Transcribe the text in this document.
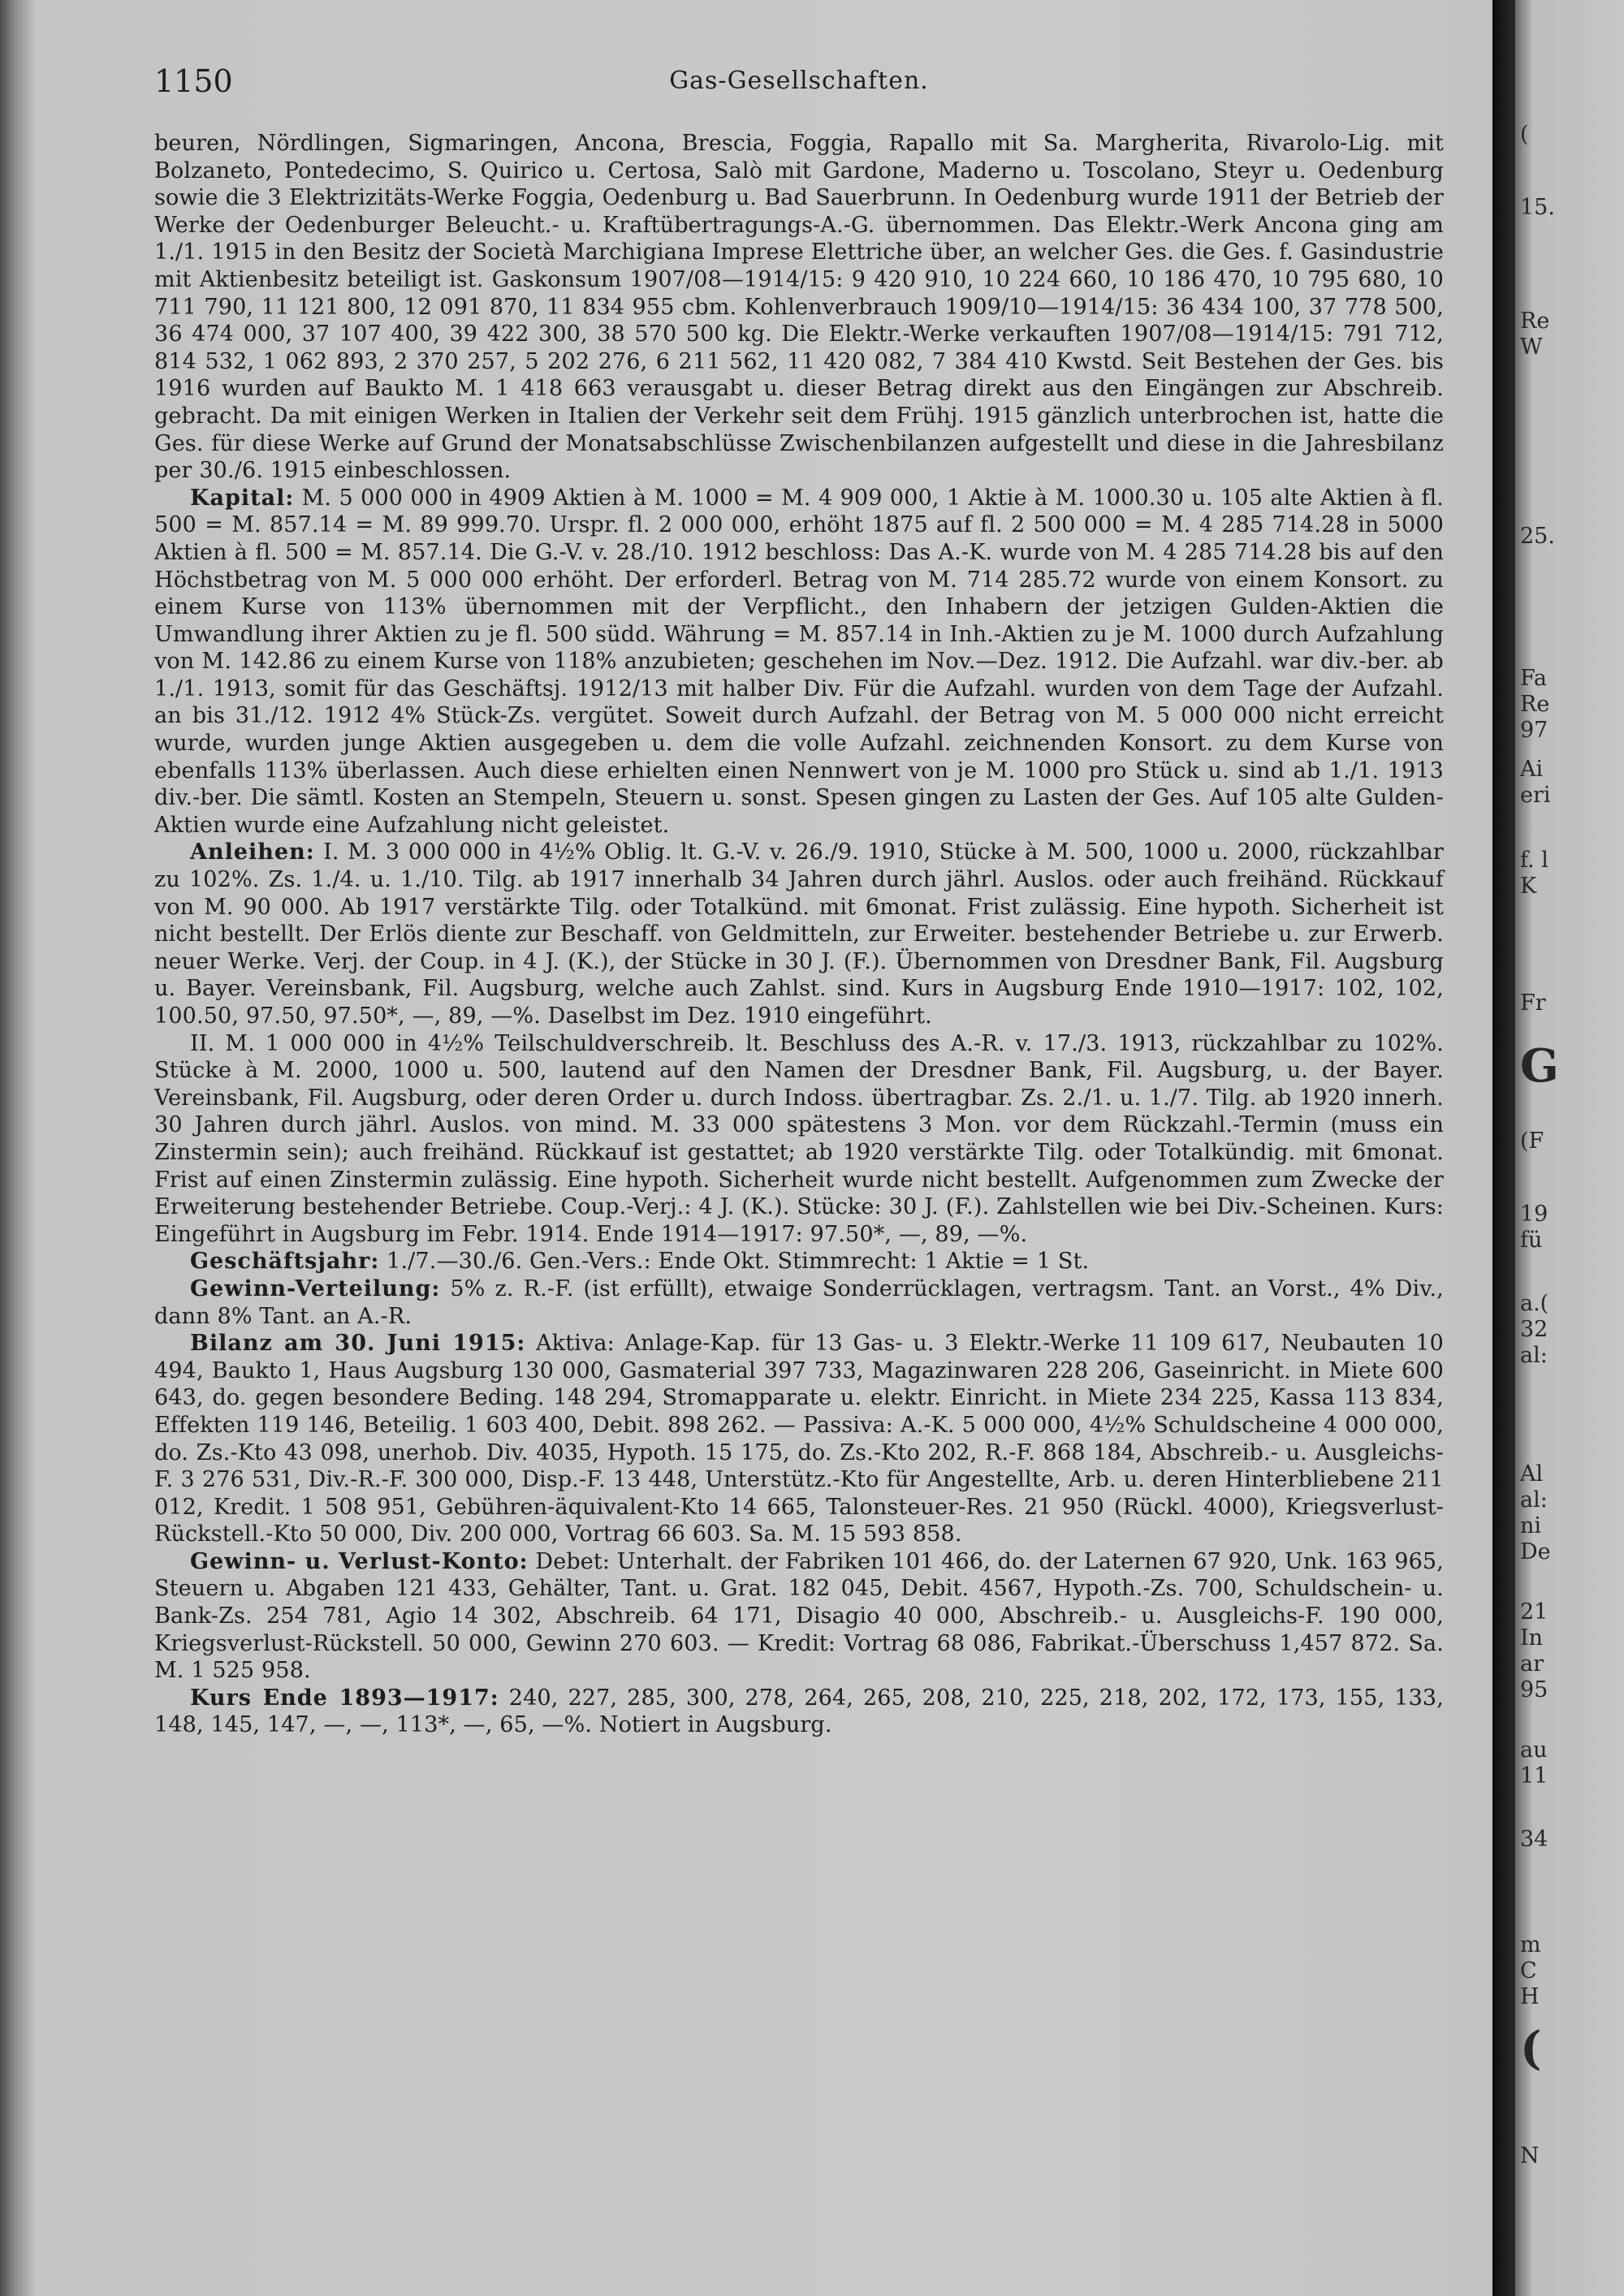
1150	Gas-Gesellschaften.

beuren, Nördlingen, Sigmaringen, Ancona, Brescia, Foggia, Rapallo mit Sa. Margherita, Rivarolo-Lig. mit Bolzaneto, Pontedecimo, S. Quirico u. Certosa, Salò mit Gardone, Maderno u. Toscolano, Steyr u. Oedenburg sowie die 3 Elektrizitäts-Werke Foggia, Oedenburg u. Bad Sauerbrunn. In Oedenburg wurde 1911 der Betrieb der Werke der Oedenburger Beleucht.- u. Kraftübertragungs-A.-G. übernommen. Das Elektr.-Werk Ancona ging am 1./1. 1915 in den Besitz der Società Marchigiana Imprese Elettriche über, an welcher Ges. die Ges. f. Gasindustrie mit Aktienbesitz beteiligt ist. Gaskonsum 1907/08—1914/15: 9 420 910, 10 224 660, 10 186 470, 10 795 680, 10 711 790, 11 121 800, 12 091 870, 11 834 955 cbm. Kohlenverbrauch 1909/10—1914/15: 36 434 100, 37 778 500, 36 474 000, 37 107 400, 39 422 300, 38 570 500 kg. Die Elektr.-Werke verkauften 1907/08—1914/15: 791 712, 814 532, 1 062 893, 2 370 257, 5 202 276, 6 211 562, 11 420 082, 7 384 410 Kwstd. Seit Bestehen der Ges. bis 1916 wurden auf Baukto M. 1 418 663 verausgabt u. dieser Betrag direkt aus den Eingängen zur Abschreib. gebracht. Da mit einigen Werken in Italien der Verkehr seit dem Frühj. 1915 gänzlich unterbrochen ist, hatte die Ges. für diese Werke auf Grund der Monatsabschlüsse Zwischenbilanzen aufgestellt und diese in die Jahresbilanz per 30./6. 1915 einbeschlossen.

Kapital: M. 5 000 000 in 4909 Aktien à M. 1000 = M. 4 909 000, 1 Aktie à M. 1000.30 u. 105 alte Aktien à fl. 500 = M. 857.14 = M. 89 999.70. Urspr. fl. 2 000 000, erhöht 1875 auf fl. 2 500 000 = M. 4 285 714.28 in 5000 Aktien à fl. 500 = M. 857.14. Die G.-V. v. 28./10. 1912 beschloss: Das A.-K. wurde von M. 4 285 714.28 bis auf den Höchstbetrag von M. 5 000 000 erhöht. Der erforderl. Betrag von M. 714 285.72 wurde von einem Konsort. zu einem Kurse von 113% übernommen mit der Verpflicht., den Inhabern der jetzigen Gulden-Aktien die Umwandlung ihrer Aktien zu je fl. 500 südd. Währung = M. 857.14 in Inh.-Aktien zu je M. 1000 durch Aufzahlung von M. 142.86 zu einem Kurse von 118% anzubieten; geschehen im Nov.—Dez. 1912. Die Aufzahl. war div.-ber. ab 1./1. 1913, somit für das Geschäftsj. 1912/13 mit halber Div. Für die Aufzahl. wurden von dem Tage der Aufzahl. an bis 31./12. 1912 4% Stück-Zs. vergütet. Soweit durch Aufzahl. der Betrag von M. 5 000 000 nicht erreicht wurde, wurden junge Aktien ausgegeben u. dem die volle Aufzahl. zeichnenden Konsort. zu dem Kurse von ebenfalls 113% überlassen. Auch diese erhielten einen Nennwert von je M. 1000 pro Stück u. sind ab 1./1. 1913 div.-ber. Die sämtl. Kosten an Stempeln, Steuern u. sonst. Spesen gingen zu Lasten der Ges. Auf 105 alte Gulden-Aktien wurde eine Aufzahlung nicht geleistet.

Anleihen: I. M. 3 000 000 in 4½% Oblig. lt. G.-V. v. 26./9. 1910, Stücke à M. 500, 1000 u. 2000, rückzahlbar zu 102%. Zs. 1./4. u. 1./10. Tilg. ab 1917 innerhalb 34 Jahren durch jährl. Auslos. oder auch freihänd. Rückkauf von M. 90 000. Ab 1917 verstärkte Tilg. oder Totalkünd. mit 6monat. Frist zulässig. Eine hypoth. Sicherheit ist nicht bestellt. Der Erlös diente zur Beschaff. von Geldmitteln, zur Erweiter. bestehender Betriebe u. zur Erwerb. neuer Werke. Verj. der Coup. in 4 J. (K.), der Stücke in 30 J. (F.). Übernommen von Dresdner Bank, Fil. Augsburg u. Bayer. Vereinsbank, Fil. Augsburg, welche auch Zahlst. sind. Kurs in Augsburg Ende 1910—1917: 102, 102, 100.50, 97.50, 97.50*, —, 89, —%. Daselbst im Dez. 1910 eingeführt.

II. M. 1 000 000 in 4½% Teilschuldverschreib. lt. Beschluss des A.-R. v. 17./3. 1913, rückzahlbar zu 102%. Stücke à M. 2000, 1000 u. 500, lautend auf den Namen der Dresdner Bank, Fil. Augsburg, u. der Bayer. Vereinsbank, Fil. Augsburg, oder deren Order u. durch Indoss. übertragbar. Zs. 2./1. u. 1./7. Tilg. ab 1920 innerh. 30 Jahren durch jährl. Auslos. von mind. M. 33 000 spätestens 3 Mon. vor dem Rückzahl.-Termin (muss ein Zinstermin sein); auch freihänd. Rückkauf ist gestattet; ab 1920 verstärkte Tilg. oder Totalkündig. mit 6monat. Frist auf einen Zinstermin zulässig. Eine hypoth. Sicherheit wurde nicht bestellt. Aufgenommen zum Zwecke der Erweiterung bestehender Betriebe. Coup.-Verj.: 4 J. (K.). Stücke: 30 J. (F.). Zahlstellen wie bei Div.-Scheinen. Kurs: Eingeführt in Augsburg im Febr. 1914. Ende 1914—1917: 97.50*, —, 89, —%.

Geschäftsjahr: 1./7.—30./6. Gen.-Vers.: Ende Okt. Stimmrecht: 1 Aktie = 1 St.

Gewinn-Verteilung: 5% z. R.-F. (ist erfüllt), etwaige Sonderrücklagen, vertragsm. Tant. an Vorst., 4% Div., dann 8% Tant. an A.-R.

Bilanz am 30. Juni 1915: Aktiva: Anlage-Kap. für 13 Gas- u. 3 Elektr.-Werke 11 109 617, Neubauten 10 494, Baukto 1, Haus Augsburg 130 000, Gasmaterial 397 733, Magazinwaren 228 206, Gaseinricht. in Miete 600 643, do. gegen besondere Beding. 148 294, Stromapparate u. elektr. Einricht. in Miete 234 225, Kassa 113 834, Effekten 119 146, Beteilig. 1 603 400, Debit. 898 262. — Passiva: A.-K. 5 000 000, 4½% Schuldscheine 4 000 000, do. Zs.-Kto 43 098, unerhob. Div. 4035, Hypoth. 15 175, do. Zs.-Kto 202, R.-F. 868 184, Abschreib.- u. Ausgleichs-F. 3 276 531, Div.-R.-F. 300 000, Disp.-F. 13 448, Unterstütz.-Kto für Angestellte, Arb. u. deren Hinterbliebene 211 012, Kredit. 1 508 951, Gebühren-äquivalent-Kto 14 665, Talonsteuer-Res. 21 950 (Rückl. 4000), Kriegsverlust-Rückstell.-Kto 50 000, Div. 200 000, Vortrag 66 603. Sa. M. 15 593 858.

Gewinn- u. Verlust-Konto: Debet: Unterhalt. der Fabriken 101 466, do. der Laternen 67 920, Unk. 163 965, Steuern u. Abgaben 121 433, Gehälter, Tant. u. Grat. 182 045, Debit. 4567, Hypoth.-Zs. 700, Schuldschein- u. Bank-Zs. 254 781, Agio 14 302, Abschreib. 64 171, Disagio 40 000, Abschreib.- u. Ausgleichs-F. 190 000, Kriegsverlust-Rückstell. 50 000, Gewinn 270 603. — Kredit: Vortrag 68 086, Fabrikat.-Überschuss 1,457 872. Sa. M. 1 525 958.

Kurs Ende 1893—1917: 240, 227, 285, 300, 278, 264, 265, 208, 210, 225, 218, 202, 172, 173, 155, 133, 148, 145, 147, —, —, 113*, —, 65, —%. Notiert in Augsburg.

(
15.
Re
W
25.
Fa
Re
97
Ai
eri
f. l
K
Fr
G
(F
19
fü
a.(
32
al:
Al
al:
ni
De
21
In
ar
95
au
11
34
m
C
H
(
N
